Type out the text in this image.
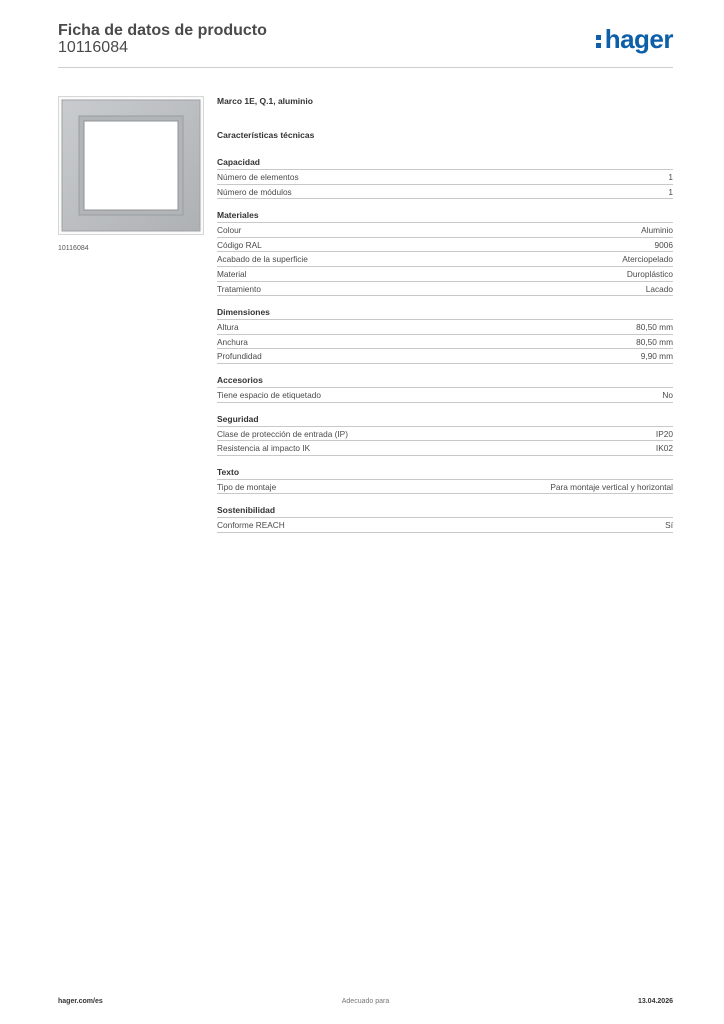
Ficha de datos de producto
10116084	hager
10116084
Marco 1E, Q.1, aluminio
Características técnicas
Capacidad
Número de elementos	1
Número de módulos	1
Materiales
Colour	Aluminio
Código RAL	9006
Acabado de la superficie	Aterciopelado
Material	Duroplástico
Tratamiento	Lacado
Dimensiones
Altura	80,50 mm
Anchura	80,50 mm
Profundidad	9,90 mm
Accesorios
Tiene espacio de etiquetado	No
Seguridad
Clase de protección de entrada (IP)	IP20
Resistencia al impacto IK	IK02
Texto
Tipo de montaje	Para montaje vertical y horizontal
Sostenibilidad
Conforme REACH	Sí
hager.com/es	Adecuado para	13.04.2026
